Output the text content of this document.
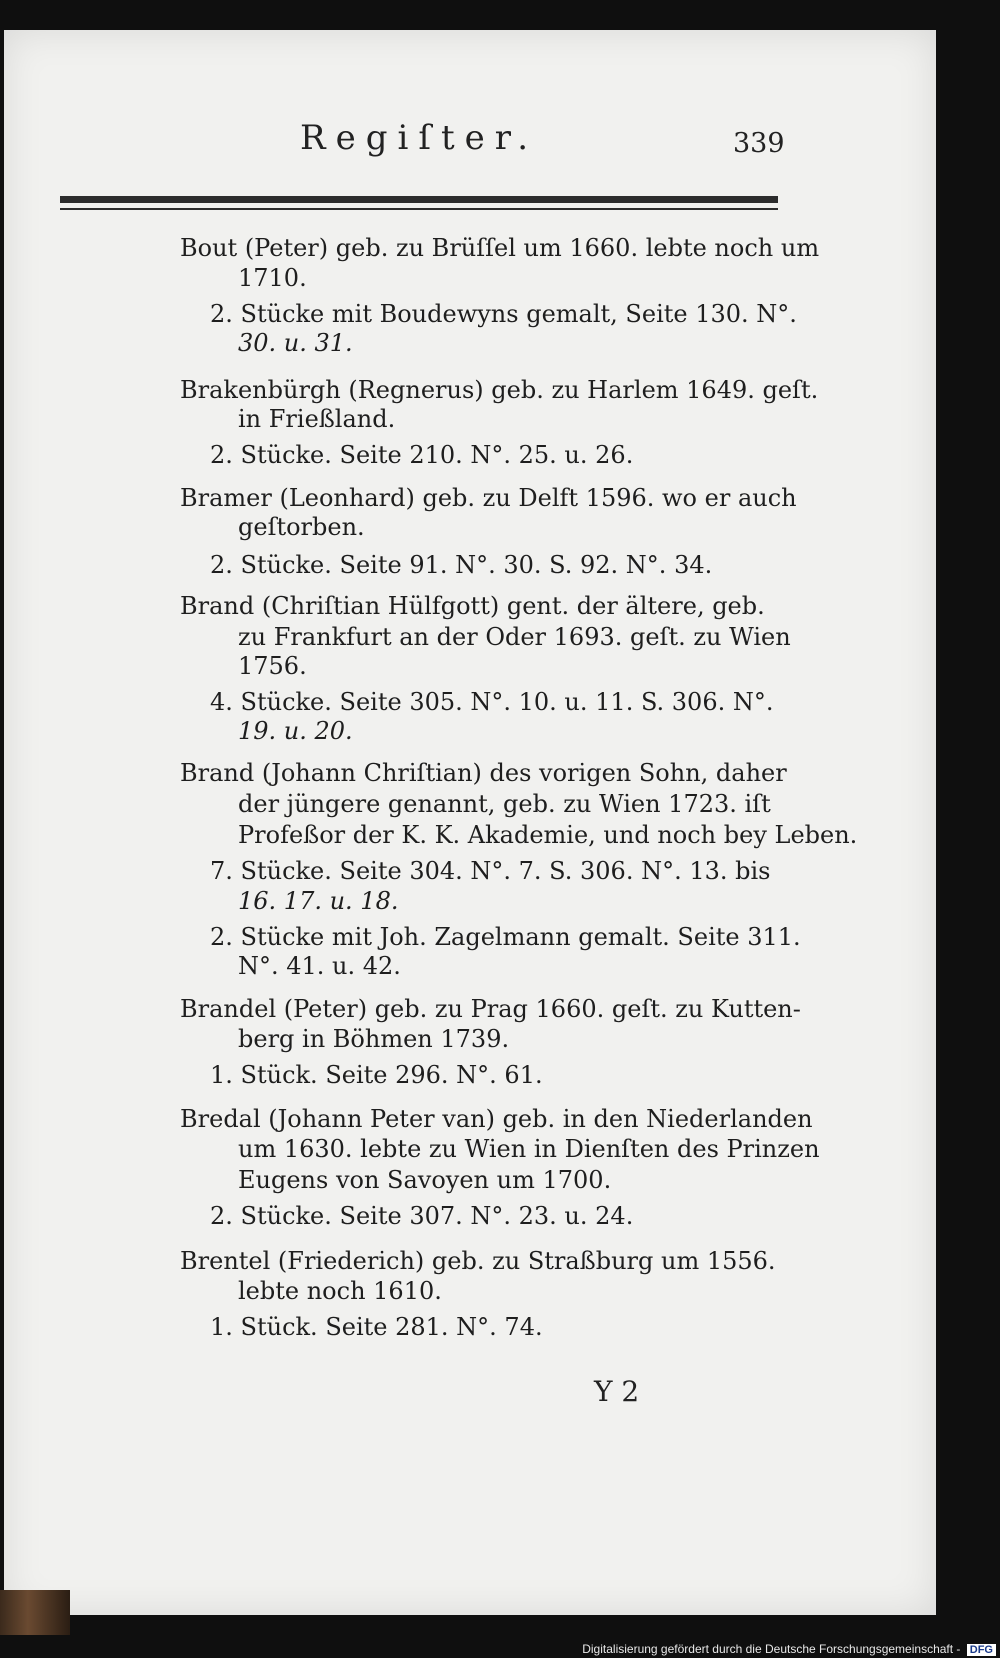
Regiſter.	339
Bout (Peter) geb. zu Brüſſel um 1660. lebte noch um
1710.
2. Stücke mit Boudewyns gemalt, Seite 130. N°.
30. u. 31.
Brakenbürgh (Regnerus) geb. zu Harlem 1649. geſt.
in Frießland.
2. Stücke. Seite 210. N°. 25. u. 26.
Bramer (Leonhard) geb. zu Delft 1596. wo er auch
geſtorben.
2. Stücke. Seite 91. N°. 30. S. 92. N°. 34.
Brand (Chriſtian Hülfgott) gent. der ältere, geb.
zu Frankfurt an der Oder 1693. geſt. zu Wien
1756.
4. Stücke. Seite 305. N°. 10. u. 11. S. 306. N°.
19. u. 20.
Brand (Johann Chriſtian) des vorigen Sohn, daher
der jüngere genannt, geb. zu Wien 1723. iſt
Profeßor der K. K. Akademie, und noch bey Leben.
7. Stücke. Seite 304. N°. 7. S. 306. N°. 13. bis
16. 17. u. 18.
2. Stücke mit Joh. Zagelmann gemalt. Seite 311.
N°. 41. u. 42.
Brandel (Peter) geb. zu Prag 1660. geſt. zu Kutten-
berg in Böhmen 1739.
1. Stück. Seite 296. N°. 61.
Bredal (Johann Peter van) geb. in den Niederlanden
um 1630. lebte zu Wien in Dienſten des Prinzen
Eugens von Savoyen um 1700.
2. Stücke. Seite 307. N°. 23. u. 24.
Brentel (Friederich) geb. zu Straßburg um 1556.
lebte noch 1610.
1. Stück. Seite 281. N°. 74.
Y 2
Digitalisierung gefördert durch die Deutsche Forschungsgemeinschaft - DFG
